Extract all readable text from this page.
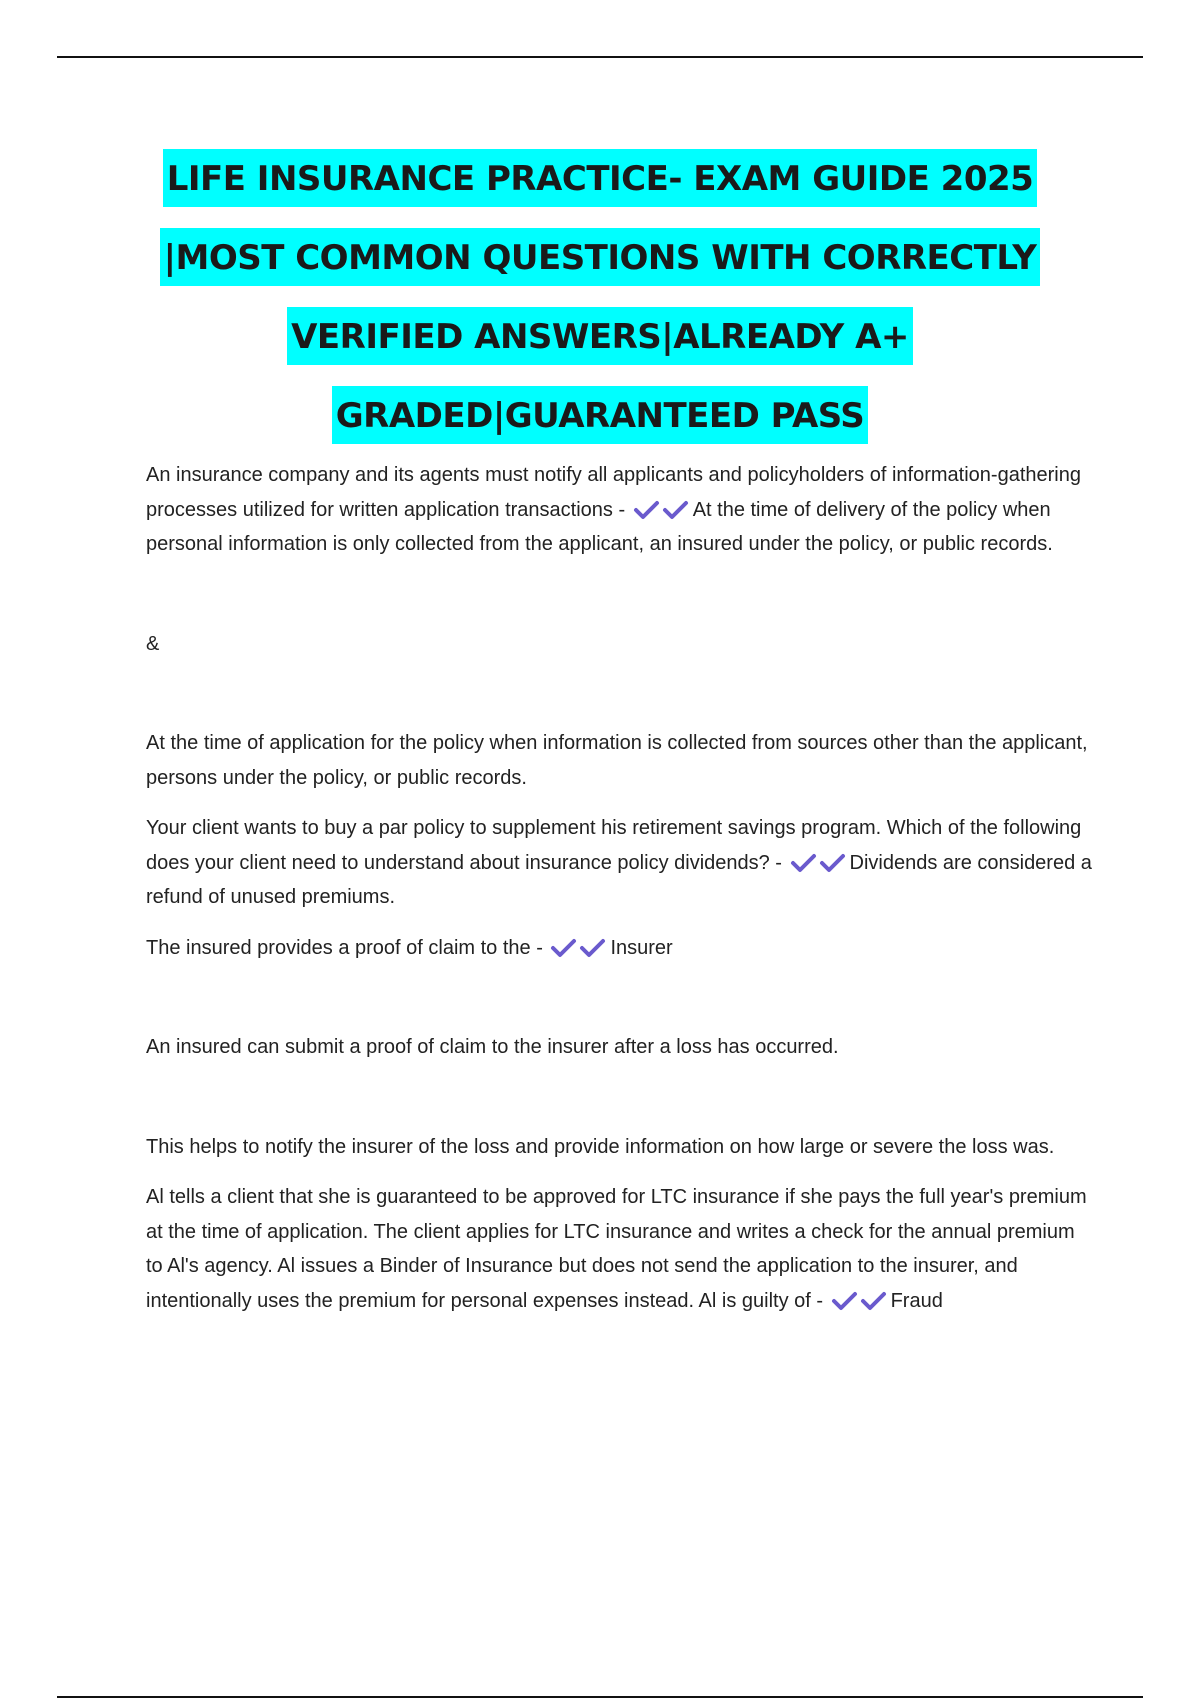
LIFE INSURANCE PRACTICE- EXAM GUIDE 2025
|MOST COMMON QUESTIONS WITH CORRECTLY
VERIFIED ANSWERS|ALREADY A+
GRADED|GUARANTEED PASS

An insurance company and its agents must notify all applicants and policyholders of information-gathering processes utilized for written application transactions -	At the time of delivery of the policy when personal information is only collected from the applicant, an insured under the policy, or public records.

&

At the time of application for the policy when information is collected from sources other than the applicant, persons under the policy, or public records.

Your client wants to buy a par policy to supplement his retirement savings program. Which of the following does your client need to understand about insurance policy dividends? -	Dividends are considered a refund of unused premiums.

The insured provides a proof of claim to the -	Insurer

An insured can submit a proof of claim to the insurer after a loss has occurred.

This helps to notify the insurer of the loss and provide information on how large or severe the loss was.

Al tells a client that she is guaranteed to be approved for LTC insurance if she pays the full year's premium at the time of application. The client applies for LTC insurance and writes a check for the annual premium to Al's agency. Al issues a Binder of Insurance but does not send the application to the insurer, and intentionally uses the premium for personal expenses instead. Al is guilty of -	Fraud
